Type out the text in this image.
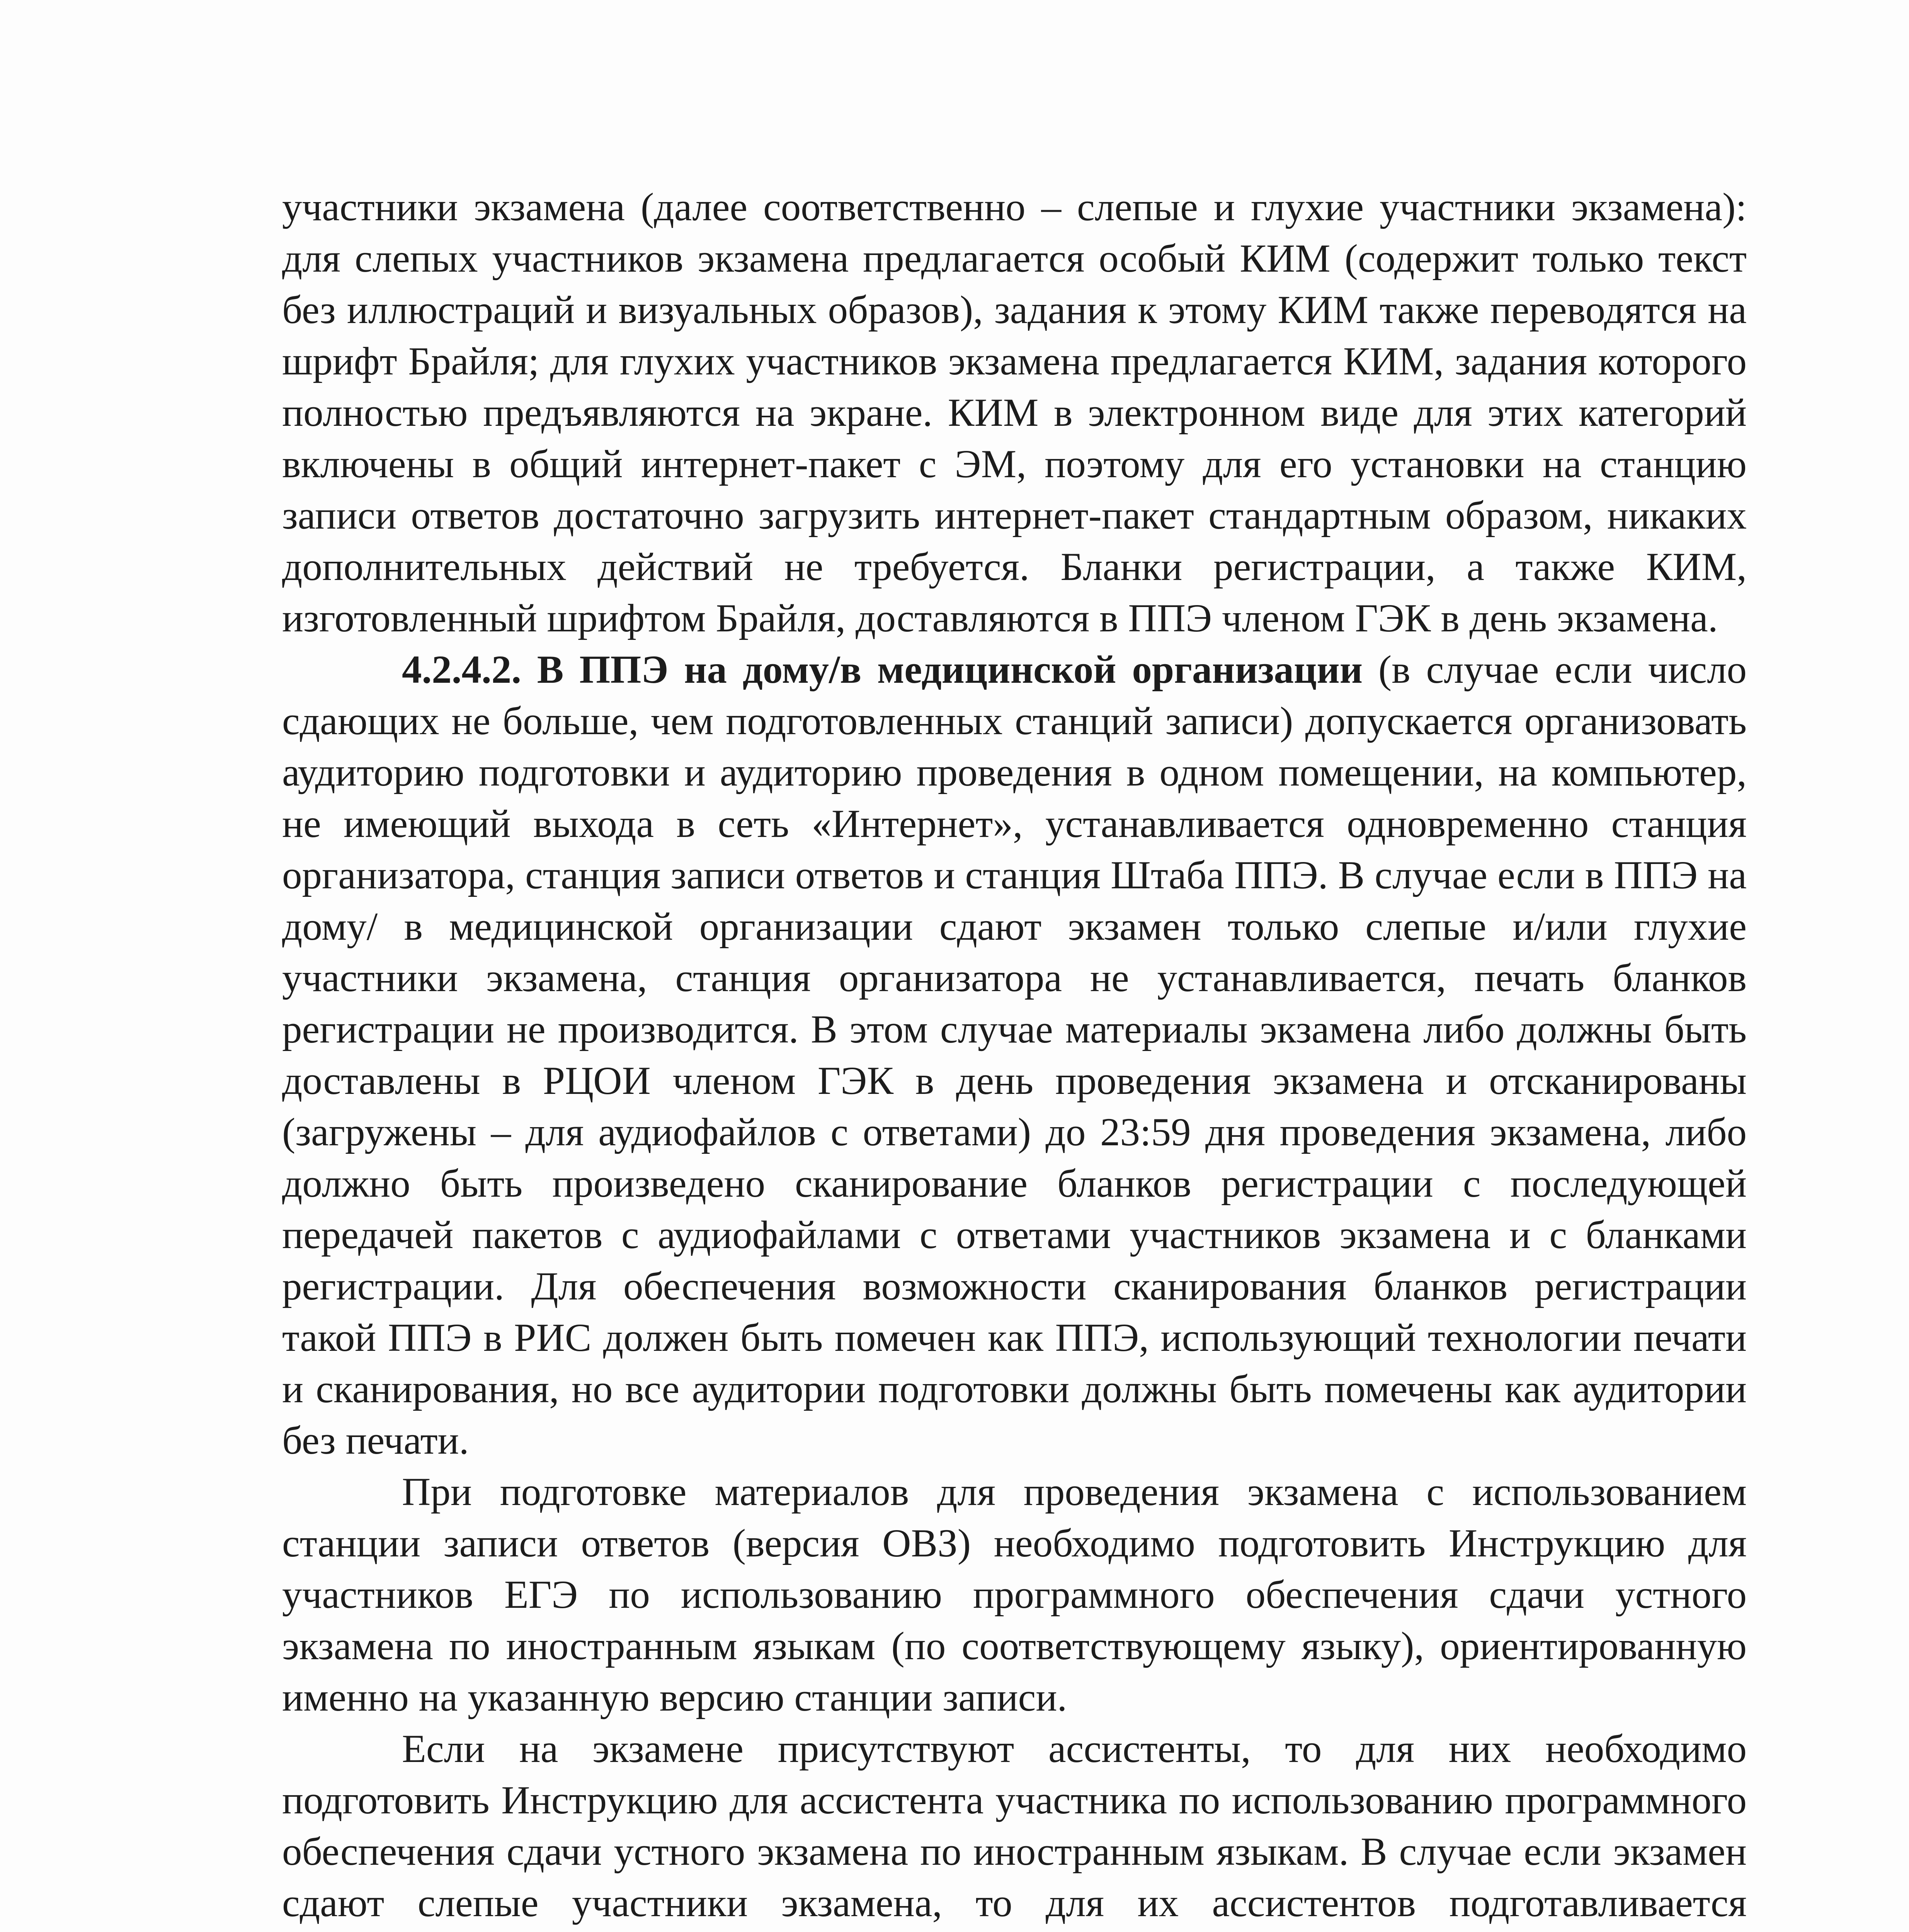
участники экзамена (далее соответственно – слепые и глухие участники экзамена): для слепых участников экзамена предлагается особый КИМ (содержит только текст без иллюстраций и визуальных образов), задания к этому КИМ также переводятся на шрифт Брайля; для глухих участников экзамена предлагается КИМ, задания которого полностью предъявляются на экране. КИМ в электронном виде для этих категорий включены в общий интернет-пакет с ЭМ, поэтому для его установки на станцию записи ответов достаточно загрузить интернет-пакет стандартным образом, никаких дополнительных действий не требуется. Бланки регистрации, а также КИМ, изготовленный шрифтом Брайля, доставляются в ППЭ членом ГЭК в день экзамена.

4.2.4.2. В ППЭ на дому/в медицинской организации (в случае если число сдающих не больше, чем подготовленных станций записи) допускается организовать аудиторию подготовки и аудиторию проведения в одном помещении, на компьютер, не имеющий выхода в сеть «Интернет», устанавливается одновременно станция организатора, станция записи ответов и станция Штаба ППЭ. В случае если в ППЭ на дому/ в медицинской организации сдают экзамен только слепые и/или глухие участники экзамена, станция организатора не устанавливается, печать бланков регистрации не производится. В этом случае материалы экзамена либо должны быть доставлены в РЦОИ членом ГЭК в день проведения экзамена и отсканированы (загружены – для аудиофайлов с ответами) до 23:59 дня проведения экзамена, либо должно быть произведено сканирование бланков регистрации с последующей передачей пакетов с аудиофайлами с ответами участников экзамена и с бланками регистрации. Для обеспечения возможности сканирования бланков регистрации такой ППЭ в РИС должен быть помечен как ППЭ, использующий технологии печати и сканирования, но все аудитории подготовки должны быть помечены как аудитории без печати.

При подготовке материалов для проведения экзамена с использованием станции записи ответов (версия ОВЗ) необходимо подготовить Инструкцию для участников ЕГЭ по использованию программного обеспечения сдачи устного экзамена по иностранным языкам (по соответствующему языку), ориентированную именно на указанную версию станции записи.

Если на экзамене присутствуют ассистенты, то для них необходимо подготовить Инструкцию для ассистента участника по использованию программного обеспечения сдачи устного экзамена по иностранным языкам. В случае если экзамен сдают слепые участники экзамена, то для их ассистентов подготавливается
